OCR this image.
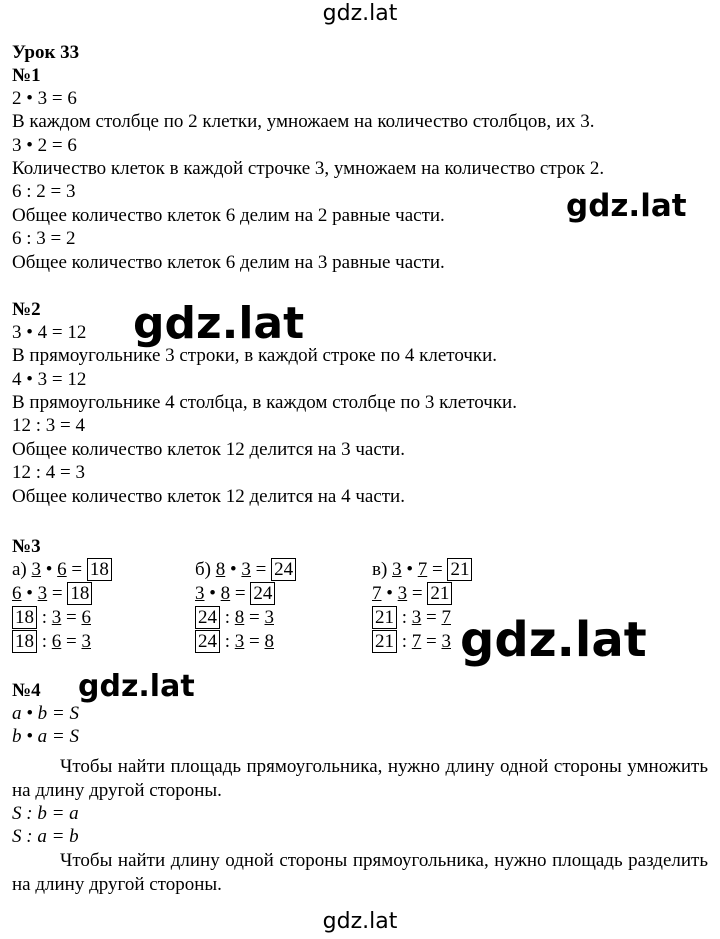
gdz.lat
gdz.lat
gdz.lat
Урок 33
№1
2 • 3 = 6
В каждом столбце по 2 клетки, умножаем на количество столбцов, их 3.
3 • 2 = 6
Количество клеток в каждой строчке 3, умножаем на количество строк 2.
6 : 2 = 3
Общее количество клеток 6 делим на 2 равные части.
6 : 3 = 2
Общее количество клеток 6 делим на 3 равные части.
№2
3 • 4 = 12
В прямоугольнике 3 строки, в каждой строке по 4 клеточки.
4 • 3 = 12
В прямоугольнике 4 столбца, в каждом столбце по 3 клеточки.
12 : 3 = 4
Общее количество клеток 12 делится на 3 части.
12 : 4 = 3
Общее количество клеток 12 делится на 4 части.
№3
а) 3 • 6 = 18
6 • 3 = 18
18 : 3 = 6
18 : 6 = 3
б) 8 • 3 = 24
3 • 8 = 24
24 : 8 = 3
24 : 3 = 8
в) 3 • 7 = 21
7 • 3 = 21
21 : 3 = 7
21 : 7 = 3 gdz.lat
№4 gdz.lat
a • b = S
b • a = S
Чтобы найти площадь прямоугольника, нужно длину одной стороны умножить на длину другой стороны.
S : b = a
S : a = b
Чтобы найти длину одной стороны прямоугольника, нужно площадь разделить на длину другой стороны.
gdz.lat
